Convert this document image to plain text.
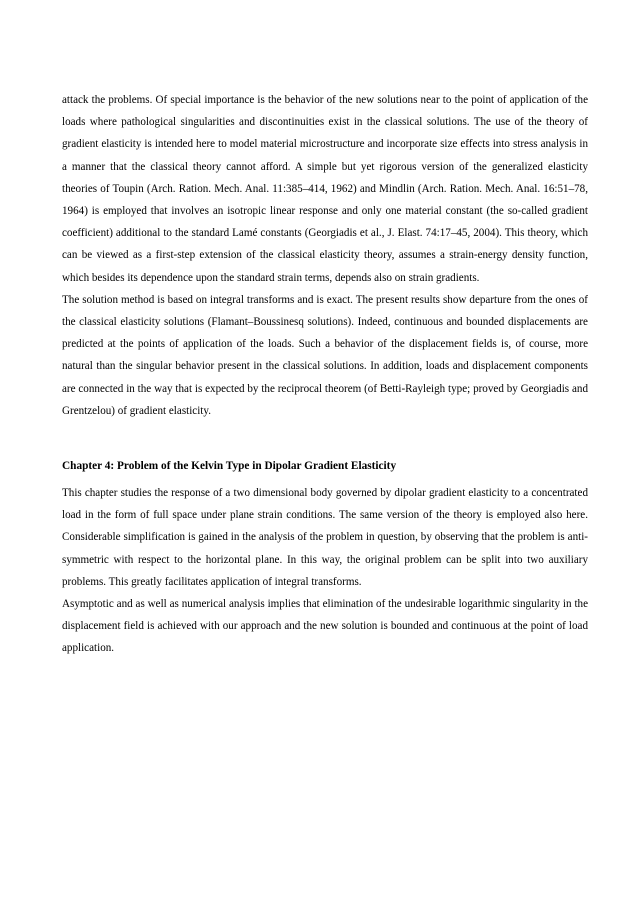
attack the problems. Of special importance is the behavior of the new solutions near to the point of application of the loads where pathological singularities and discontinuities exist in the classical solutions. The use of the theory of gradient elasticity is intended here to model material microstructure and incorporate size effects into stress analysis in a manner that the classical theory cannot afford. A simple but yet rigorous version of the generalized elasticity theories of Toupin (Arch. Ration. Mech. Anal. 11:385–414, 1962) and Mindlin (Arch. Ration. Mech. Anal. 16:51–78, 1964) is employed that involves an isotropic linear response and only one material constant (the so-called gradient coefficient) additional to the standard Lamé constants (Georgiadis et al., J. Elast. 74:17–45, 2004). This theory, which can be viewed as a first-step extension of the classical elasticity theory, assumes a strain-energy density function, which besides its dependence upon the standard strain terms, depends also on strain gradients.

The solution method is based on integral transforms and is exact. The present results show departure from the ones of the classical elasticity solutions (Flamant–Boussinesq solutions). Indeed, continuous and bounded displacements are predicted at the points of application of the loads. Such a behavior of the displacement fields is, of course, more natural than the singular behavior present in the classical solutions. In addition, loads and displacement components are connected in the way that is expected by the reciprocal theorem (of Betti-Rayleigh type; proved by Georgiadis and Grentzelou) of gradient elasticity.

Chapter 4: Problem of the Kelvin Type in Dipolar Gradient Elasticity

This chapter studies the response of a two dimensional body governed by dipolar gradient elasticity to a concentrated load in the form of full space under plane strain conditions. The same version of the theory is employed also here. Considerable simplification is gained in the analysis of the problem in question, by observing that the problem is anti-symmetric with respect to the horizontal plane. In this way, the original problem can be split into two auxiliary problems. This greatly facilitates application of integral transforms.

Asymptotic and as well as numerical analysis implies that elimination of the undesirable logarithmic singularity in the displacement field is achieved with our approach and the new solution is bounded and continuous at the point of load application.
